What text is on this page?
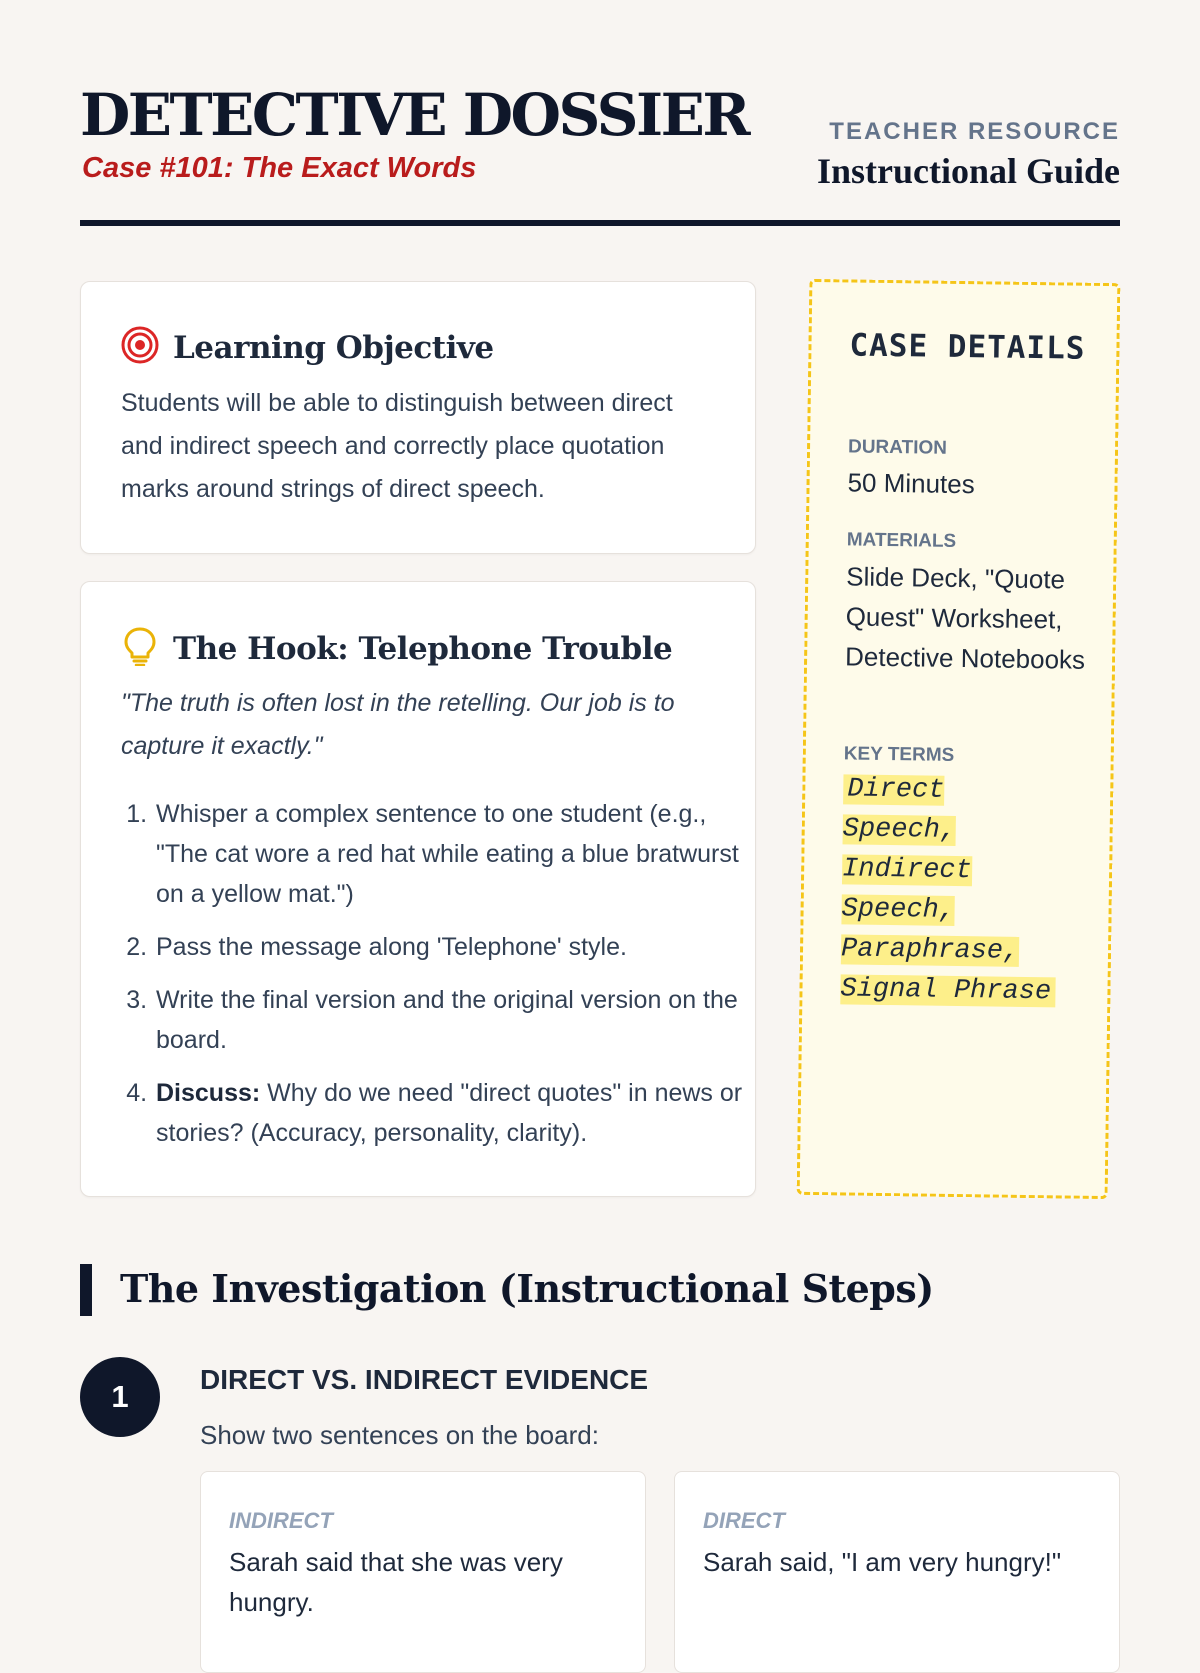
DETECTIVE DOSSIER
Case #101: The Exact Words
TEACHER RESOURCE
Instructional Guide
Learning Objective
Students will be able to distinguish between direct and indirect speech and correctly place quotation marks around strings of direct speech.
The Hook: Telephone Trouble
"The truth is often lost in the retelling. Our job is to capture it exactly."
1. Whisper a complex sentence to one student (e.g., "The cat wore a red hat while eating a blue bratwurst on a yellow mat.")
2. Pass the message along 'Telephone' style.
3. Write the final version and the original version on the board.
4. Discuss: Why do we need "direct quotes" in news or stories? (Accuracy, personality, clarity).
CASE DETAILS
DURATION
50 Minutes
MATERIALS
Slide Deck, "Quote Quest" Worksheet, Detective Notebooks
KEY TERMS
Direct Speech, Indirect Speech, Paraphrase, Signal Phrase
The Investigation (Instructional Steps)
1	DIRECT VS. INDIRECT EVIDENCE
Show two sentences on the board:
INDIRECT
Sarah said that she was very hungry.
DIRECT
Sarah said, "I am very hungry!"
